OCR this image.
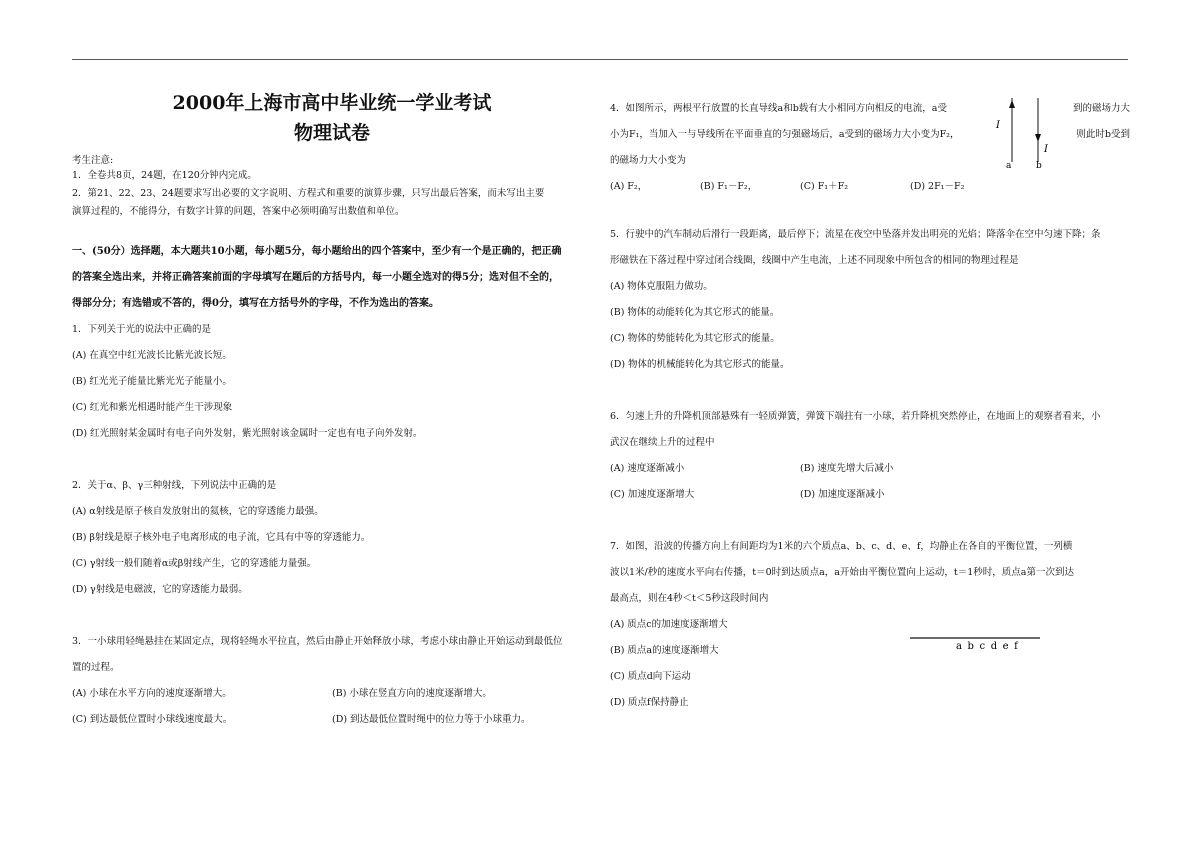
2000年上海市高中毕业统一学业考试
物理试卷

考生注意:

1．全卷共8页，24题，在120分钟内完成。

2．第21、22、23、24题要求写出必要的文字说明、方程式和重要的演算步骤，只写出最后答案，而未写出主要

演算过程的，不能得分，有数字计算的问题，答案中必须明确写出数值和单位。

一、(50分）选择题，本大题共10小题，每小题5分，每小题给出的四个答案中，至少有一个是正确的，把正确

的答案全选出来，并将正确答案前面的字母填写在题后的方括号内，每一小题全选对的得5分；选对但不全的，

得部分分；有选错或不答的，得0分，填写在方括号外的字母，不作为选出的答案。

1．下列关于光的说法中正确的是

(A) 在真空中红光波长比紫光波长短。

(B) 红光光子能量比紫光光子能量小。

(C) 红光和紫光相遇时能产生干涉现象

(D) 红光照射某金属时有电子向外发射，紫光照射该金属时一定也有电子向外发射。

2．关于α、β、γ三种射线，下列说法中正确的是

(A) α射线是原子核自发放射出的氦核，它的穿透能力最强。

(B) β射线是原子核外电子电离形成的电子流，它具有中等的穿透能力。

(C) γ射线一般们随着α或β射线产生，它的穿透能力量强。

(D) γ射线是电磁波，它的穿透能力最弱。

3．一小球用轻绳悬挂在某固定点，现将轻绳水平拉直，然后由静止开始释放小球，考虑小球由静止开始运动到最低位

置的过程。

(A) 小球在水平方向的速度逐渐增大。	(B) 小球在竖直方向的速度逐渐增大。
(C) 到达最低位置时小球线速度最大。	(D) 到达最低位置时绳中的位力等于小球重力。

4．如图所示，两根平行放置的长直导线a和b载有大小相同方向相反的电流，a受

小为F₁，当加入一与导线所在平面垂直的匀强磁场后，a受到的磁场力大小变为F₂，

的磁场力大小变为

到的磁场力大

则此时b受到

I
I
a	b
(A) F₂，	(B) F₁－F₂，	(C) F₁＋F₂	(D) 2F₁－F₂

5．行驶中的汽车制动后滑行一段距离，最后停下；流星在夜空中坠落并发出明亮的光焰；降落伞在空中匀速下降；条

形磁铁在下落过程中穿过闭合线圈，线圈中产生电流，上述不同现象中所包含的相同的物理过程是

(A) 物体克服阻力做功。

(B) 物体的动能转化为其它形式的能量。

(C) 物体的势能转化为其它形式的能量。

(D) 物体的机械能转化为其它形式的能量。

6．匀速上升的升降机顶部悬殊有一轻质弹簧，弹簧下端拄有一小球，若升降机突然停止，在地面上的观察者看来，小

武汉在继续上升的过程中

(A) 速度逐渐减小	(B) 速度先增大后减小
(C) 加速度逐渐增大	(D) 加速度逐渐减小

7．如图，沿波的传播方向上有间距均为1米的六个质点a、b、c、d、e、f，均静止在各自的平衡位置，一列横

波以1米/秒的速度水平向右传播，t＝0时到达质点a，a开始由平衡位置向上运动，t＝1秒时，质点a第一次到达

最高点，则在4秒＜t＜5秒这段时间内

(A) 质点c的加速度逐渐增大

(B) 质点a的速度逐渐增大

(C) 质点d向下运动

(D) 质点f保持静止

a b c d e f
